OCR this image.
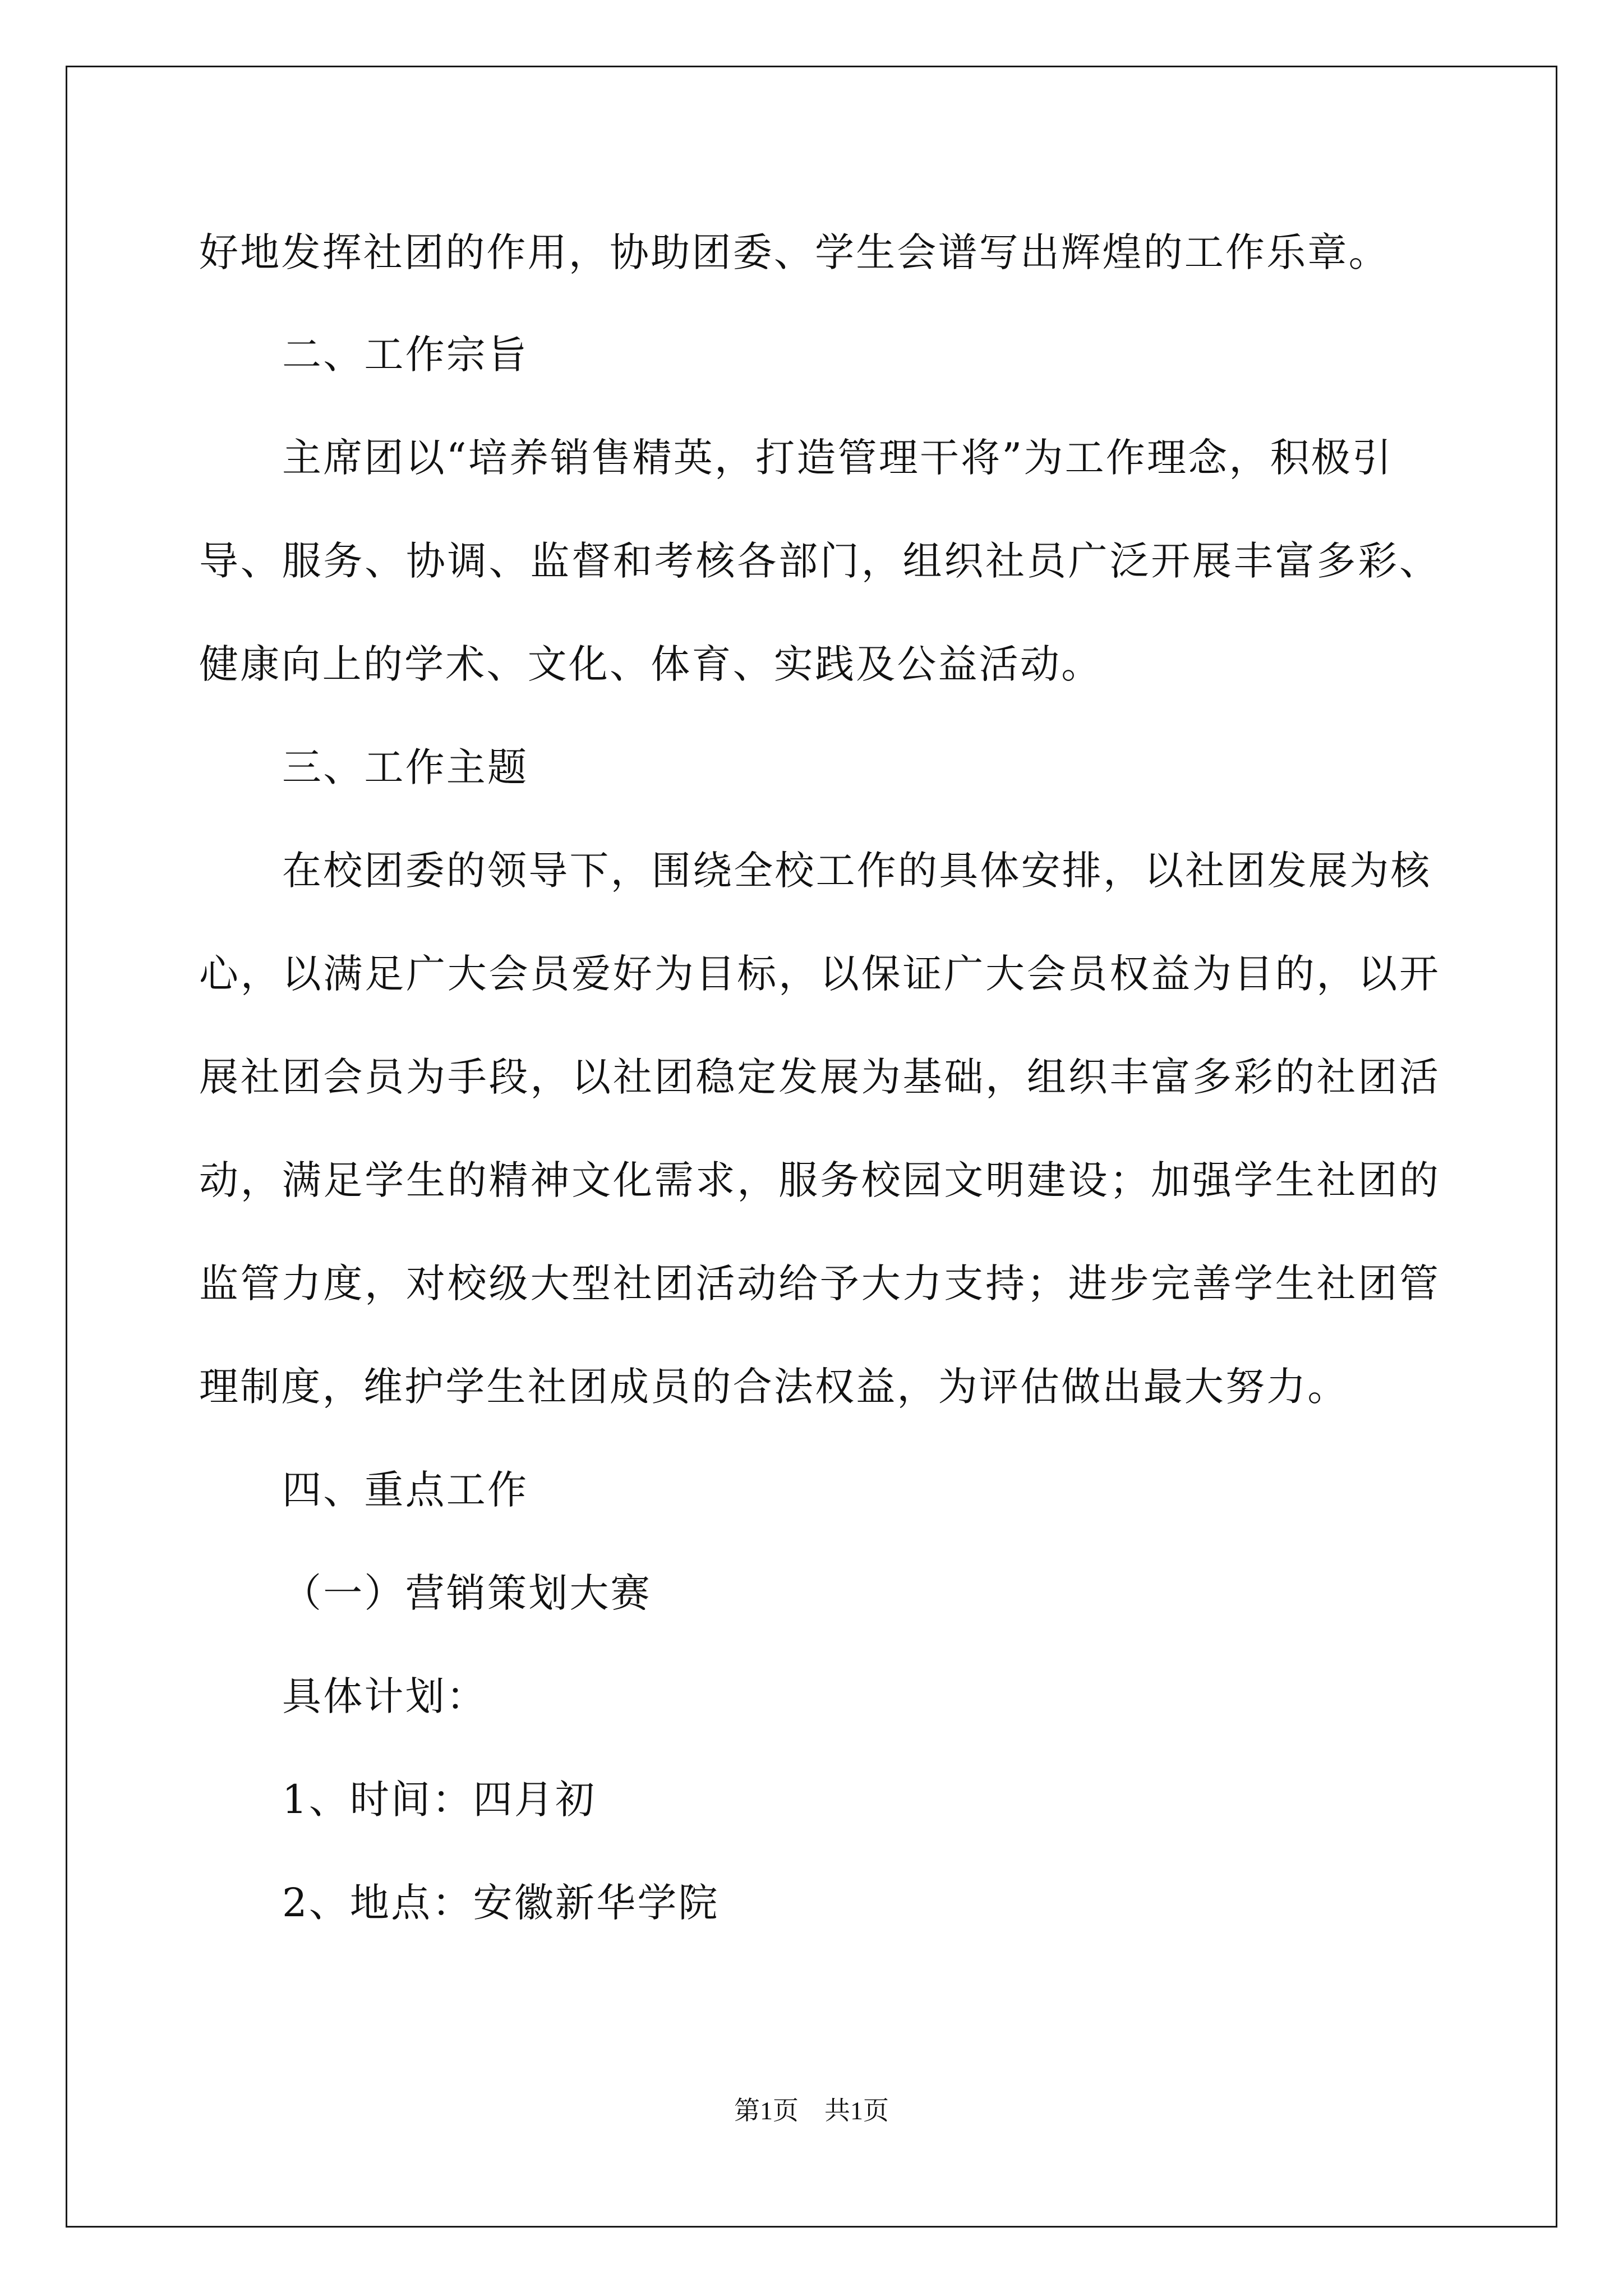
好地发挥社团的作用，协助团委、学生会谱写出辉煌的工作乐章。
二、工作宗旨
主席团以“培养销售精英，打造管理干将”为工作理念，积极引
导、服务、协调、监督和考核各部门，组织社员广泛开展丰富多彩、
健康向上的学术、文化、体育、实践及公益活动。
三、工作主题
在校团委的领导下，围绕全校工作的具体安排，以社团发展为核
心，以满足广大会员爱好为目标，以保证广大会员权益为目的，以开
展社团会员为手段，以社团稳定发展为基础，组织丰富多彩的社团活
动，满足学生的精神文化需求，服务校园文明建设；加强学生社团的
监管力度，对校级大型社团活动给予大力支持；进步完善学生社团管
理制度，维护学生社团成员的合法权益，为评估做出最大努力。
四、重点工作
（一）营销策划大赛
具体计划：
1、时间：四月初
2、地点：安徽新华学院
第1页 共1页
